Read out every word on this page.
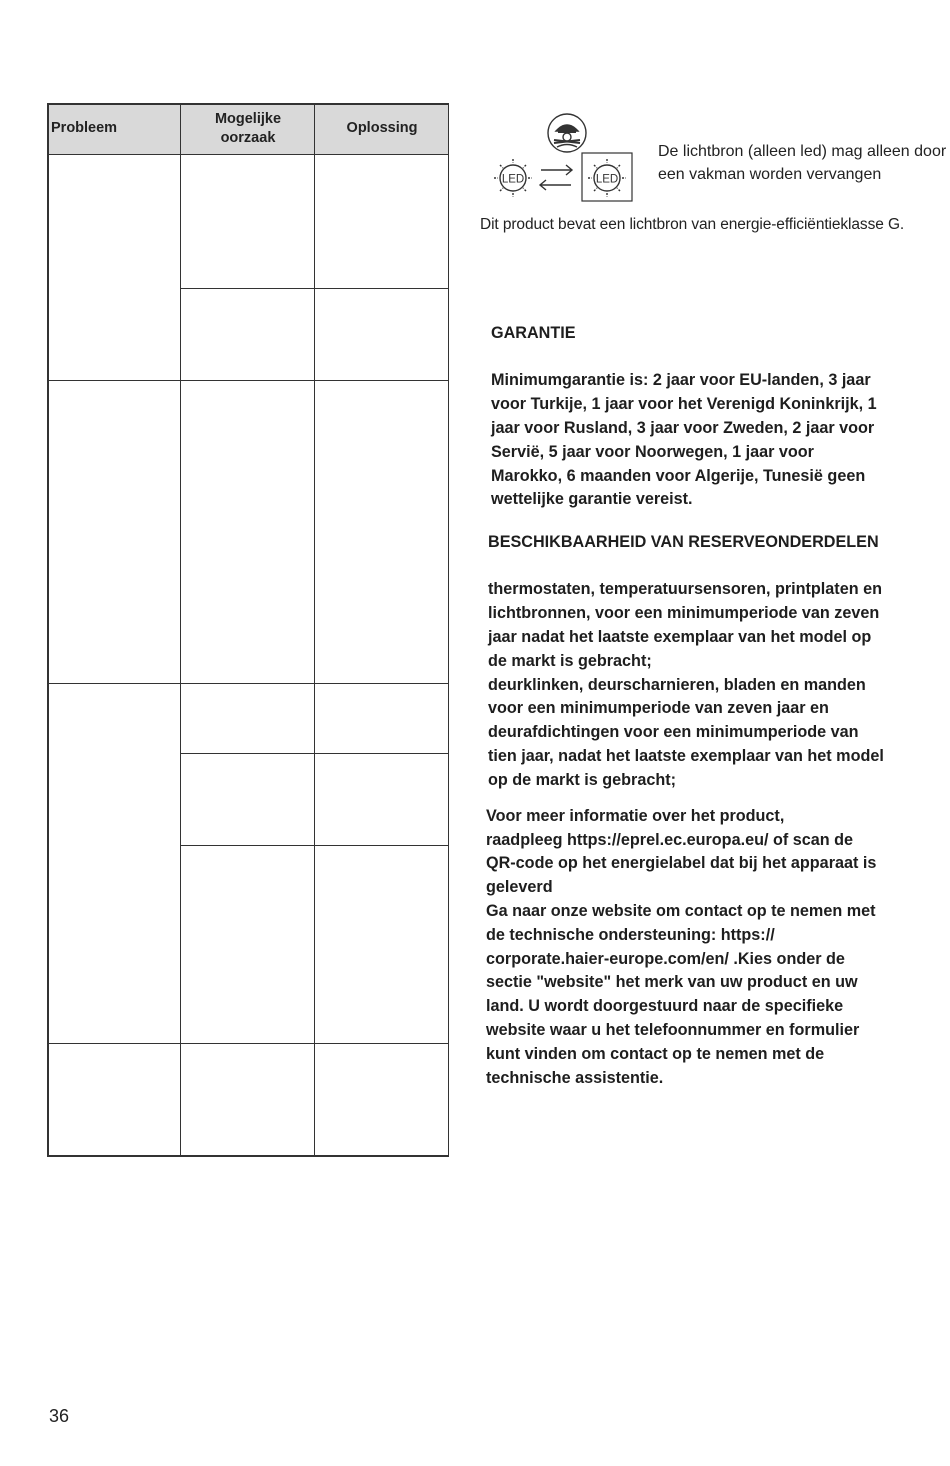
Probleem
Mogelijke
oorzaak
Oplossing
LED	LED
De lichtbron (alleen led) mag alleen door een vakman worden vervangen
Dit product bevat een lichtbron van energie-efficiëntieklasse G.

GARANTIE

Minimumgarantie is: 2 jaar voor EU-landen, 3 jaar
voor Turkije, 1 jaar voor het Verenigd Koninkrijk, 1
jaar voor Rusland, 3 jaar voor Zweden, 2 jaar voor
Servië, 5 jaar voor Noorwegen, 1 jaar voor
Marokko, 6 maanden voor Algerije, Tunesië geen
wettelijke garantie vereist.

BESCHIKBAARHEID VAN RESERVEONDERDELEN

thermostaten, temperatuursensoren, printplaten en
lichtbronnen, voor een minimumperiode van zeven
jaar nadat het laatste exemplaar van het model op
de markt is gebracht;
deurklinken, deurscharnieren, bladen en manden
voor een minimumperiode van zeven jaar en
deurafdichtingen voor een minimumperiode van
tien jaar, nadat het laatste exemplaar van het model
op de markt is gebracht;

Voor meer informatie over het product,
raadpleeg https://eprel.ec.europa.eu/ of scan de
QR-code op het energielabel dat bij het apparaat is
geleverd
Ga naar onze website om contact op te nemen met
de technische ondersteuning: https://
corporate.haier-europe.com/en/ .Kies onder de
sectie "website" het merk van uw product en uw
land. U wordt doorgestuurd naar de specifieke
website waar u het telefoonnummer en formulier
kunt vinden om contact op te nemen met de
technische assistentie.

36
